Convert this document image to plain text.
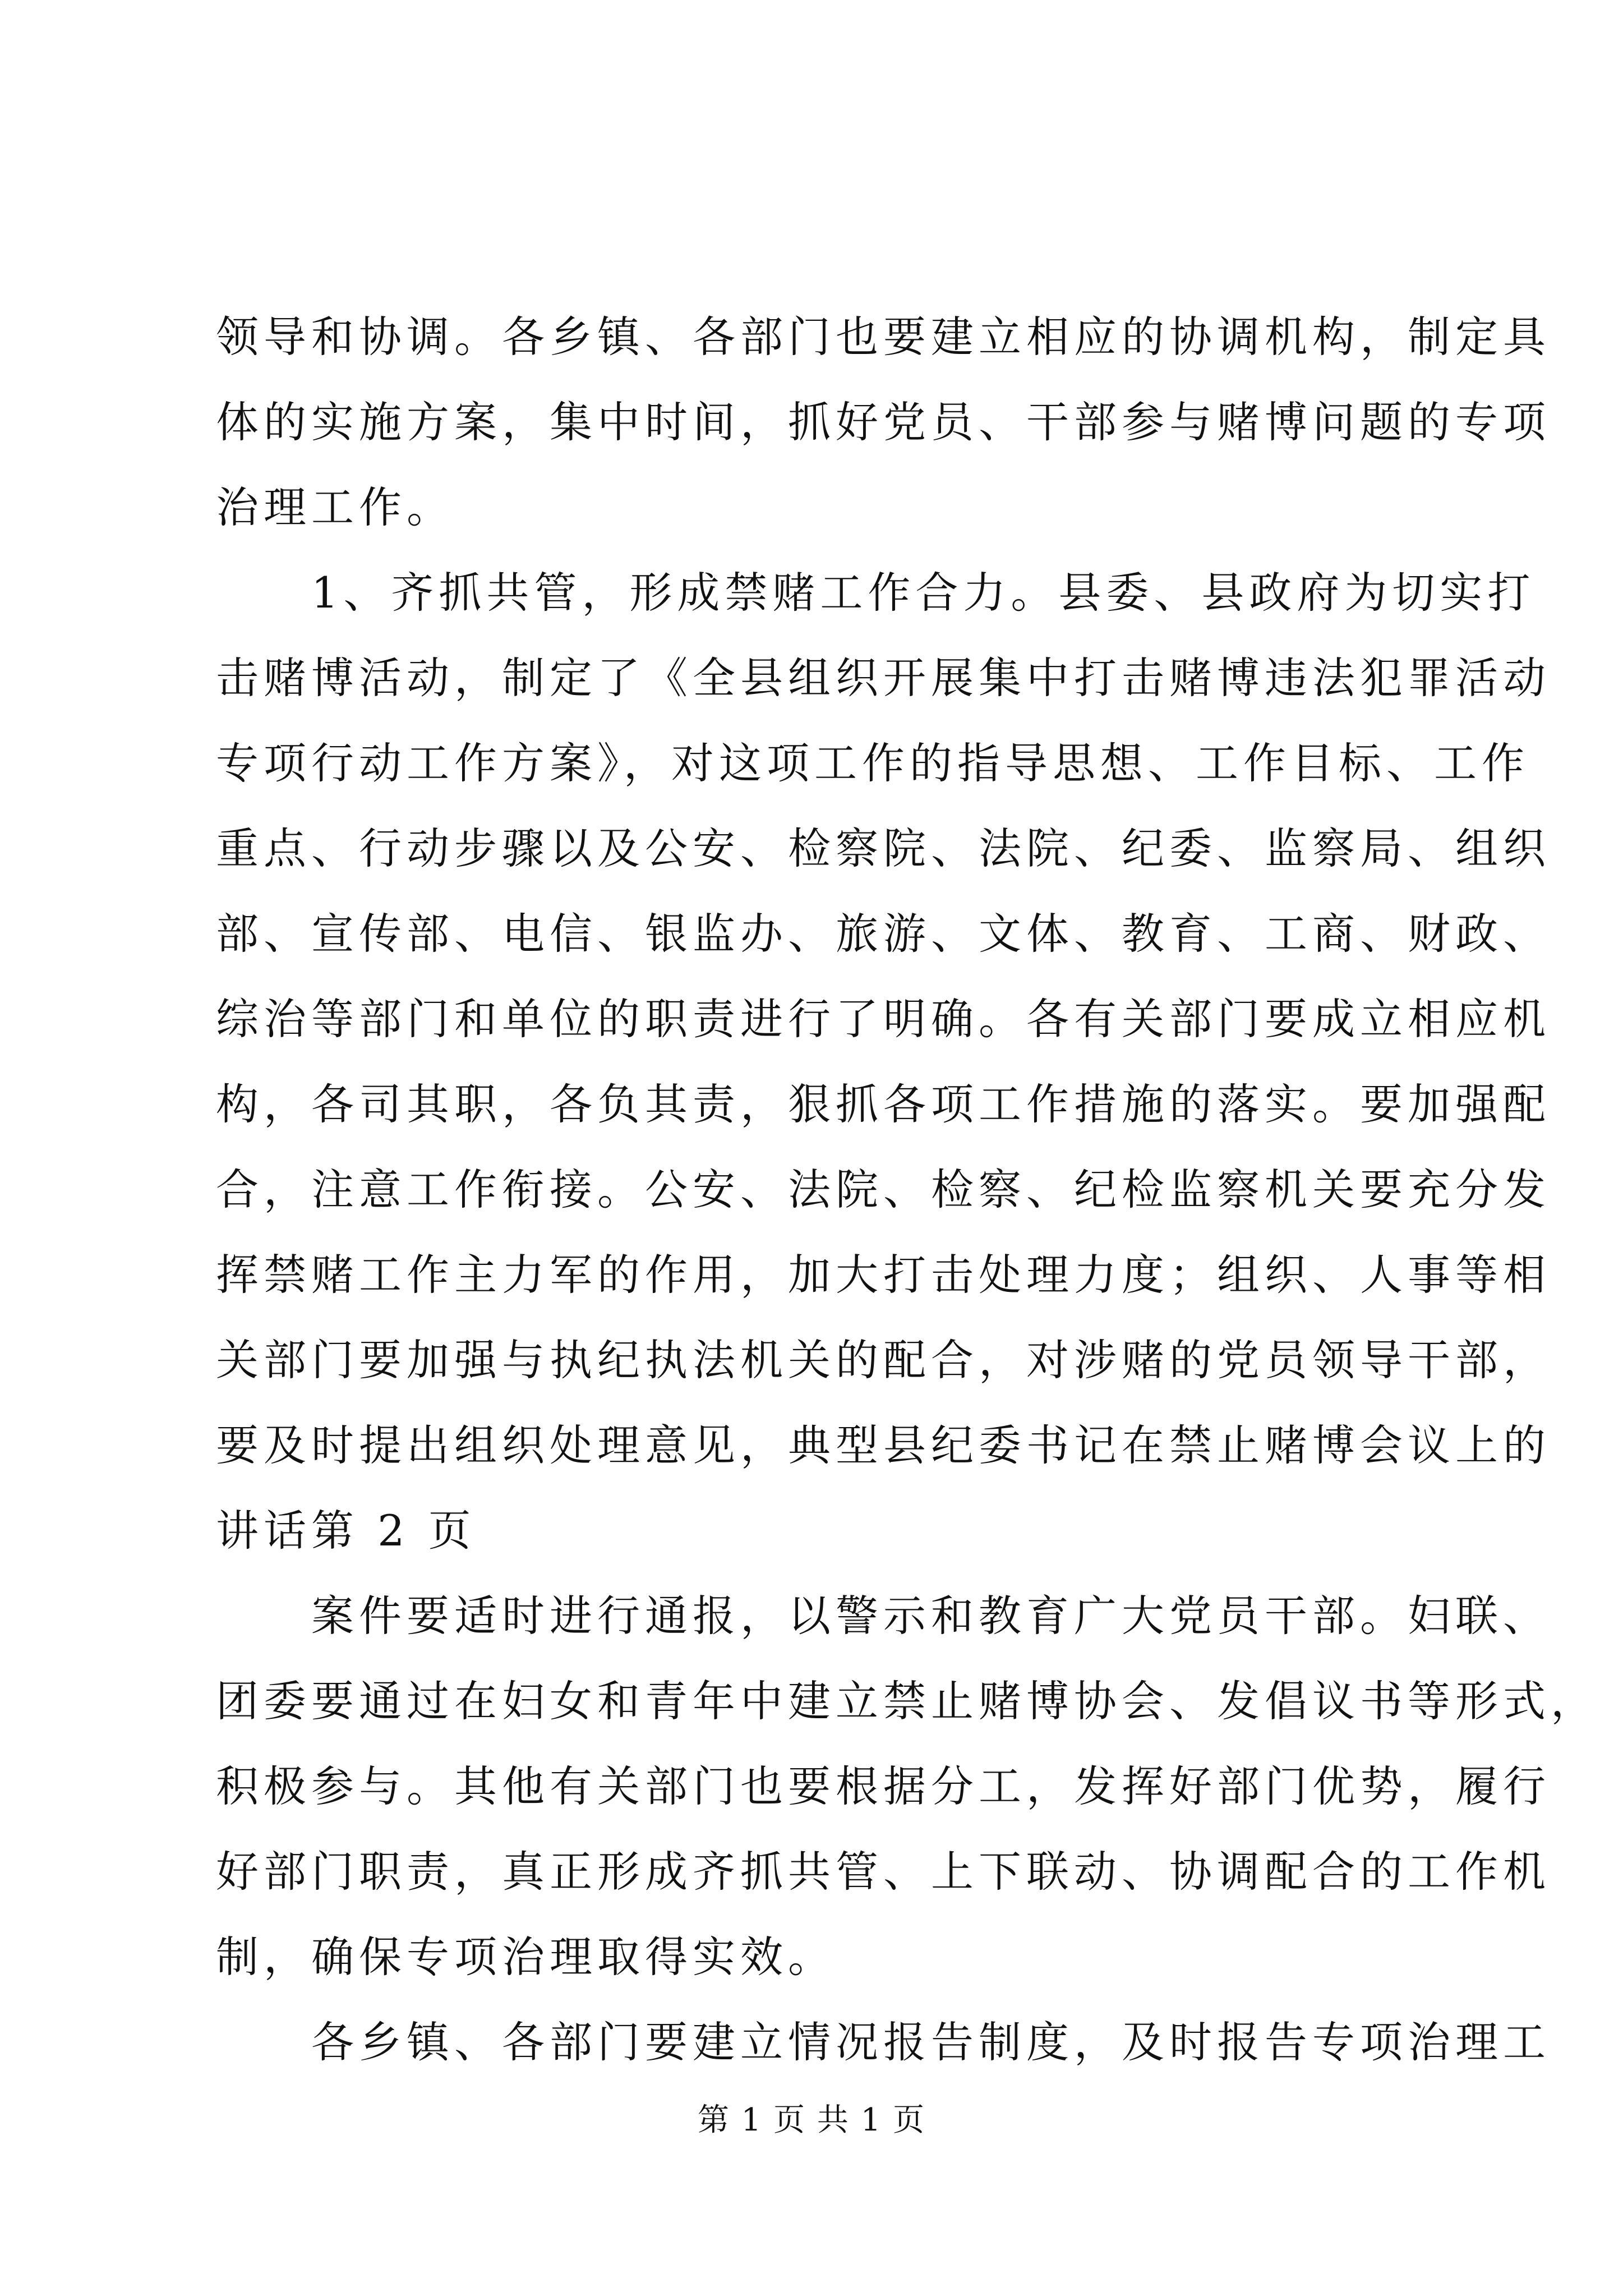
领导和协调。各乡镇、各部门也要建立相应的协调机构，制定具
体的实施方案，集中时间，抓好党员、干部参与赌博问题的专项
治理工作。
　　1、齐抓共管，形成禁赌工作合力。县委、县政府为切实打
击赌博活动，制定了《全县组织开展集中打击赌博违法犯罪活动
专项行动工作方案》，对这项工作的指导思想、工作目标、工作
重点、行动步骤以及公安、检察院、法院、纪委、监察局、组织
部、宣传部、电信、银监办、旅游、文体、教育、工商、财政、
综治等部门和单位的职责进行了明确。各有关部门要成立相应机
构，各司其职，各负其责，狠抓各项工作措施的落实。要加强配
合，注意工作衔接。公安、法院、检察、纪检监察机关要充分发
挥禁赌工作主力军的作用，加大打击处理力度；组织、人事等相
关部门要加强与执纪执法机关的配合，对涉赌的党员领导干部，
要及时提出组织处理意见，典型县纪委书记在禁止赌博会议上的
讲话第 2 页
　　案件要适时进行通报，以警示和教育广大党员干部。妇联、
团委要通过在妇女和青年中建立禁止赌博协会、发倡议书等形式，
积极参与。其他有关部门也要根据分工，发挥好部门优势，履行
好部门职责，真正形成齐抓共管、上下联动、协调配合的工作机
制，确保专项治理取得实效。
　　各乡镇、各部门要建立情况报告制度，及时报告专项治理工
第 1 页 共 1 页
